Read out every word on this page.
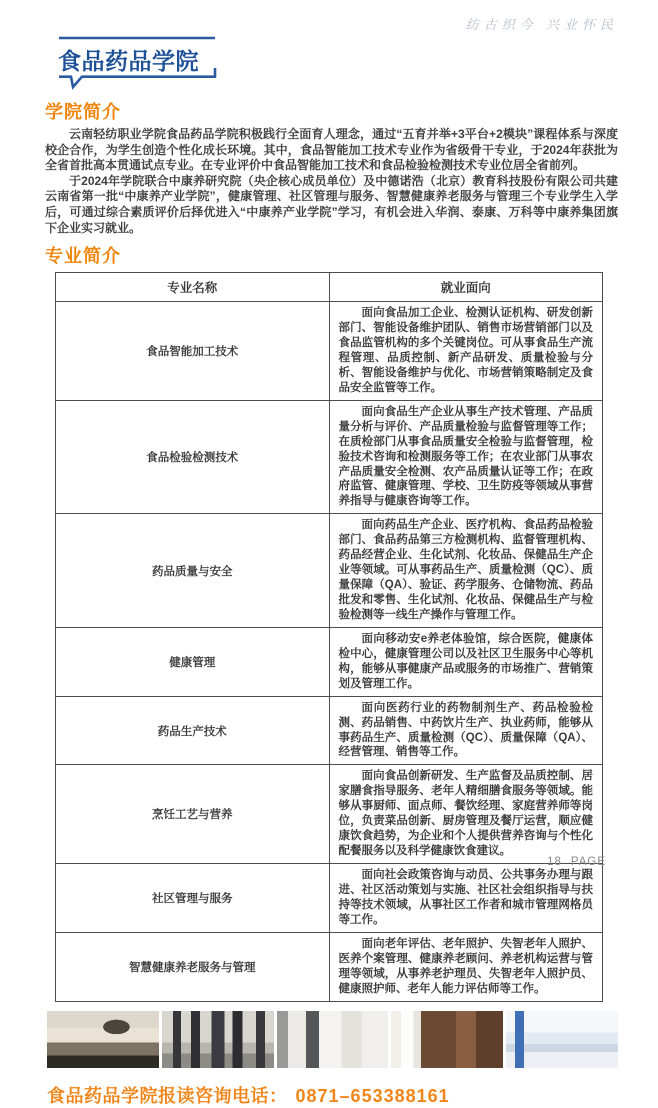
纺古织今 兴业怀民
食品药品学院
学院简介

云南轻纺职业学院食品药品学院积极践行全面育人理念，通过“五育并举+3平台+2模块”课程体系与深度校企合作，为学生创造个性化成长环境。其中，食品智能加工技术专业作为省级骨干专业，于2024年获批为全省首批高本贯通试点专业。在专业评价中食品智能加工技术和食品检验检测技术专业位居全省前列。

于2024年学院联合中康养研究院（央企核心成员单位）及中德诺浩（北京）教育科技股份有限公司共建云南省第一批“中康养产业学院”，健康管理、社区管理与服务、智慧健康养老服务与管理三个专业学生入学后，可通过综合素质评价后择优进入“中康养产业学院”学习，有机会进入华润、泰康、万科等中康养集团旗下企业实习就业。

专业简介
专业名称	就业面向
食品智能加工技术	面向食品加工企业、检测认证机构、研发创新部门、智能设备维护团队、销售市场营销部门以及食品监管机构的多个关键岗位。可从事食品生产流程管理、品质控制、新产品研发、质量检验与分析、智能设备维护与优化、市场营销策略制定及食品安全监管等工作。
食品检验检测技术	面向食品生产企业从事生产技术管理、产品质量分析与评价、产品质量检验与监督管理等工作；在质检部门从事食品质量安全检验与监督管理，检验技术咨询和检测服务等工作；在农业部门从事农产品质量安全检测、农产品质量认证等工作；在政府监管、健康管理、学校、卫生防疫等领域从事营养指导与健康咨询等工作。
药品质量与安全	面向药品生产企业、医疗机构、食品药品检验部门、食品药品第三方检测机构、监督管理机构、药品经营企业、生化试剂、化妆品、保健品生产企业等领域。可从事药品生产、质量检测（QC）、质量保障（QA）、验证、药学服务、仓储物流、药品批发和零售、生化试剂、化妆品、保健品生产与检验检测等一线生产操作与管理工作。
健康管理	面向移动安e养老体验馆，综合医院，健康体检中心，健康管理公司以及社区卫生服务中心等机构，能够从事健康产品或服务的市场推广、营销策划及管理工作。
药品生产技术	面向医药行业的药物制剂生产、药品检验检测、药品销售、中药饮片生产、执业药师，能够从事药品生产、质量检测（QC）、质量保障（QA）、经营管理、销售等工作。
烹饪工艺与营养	面向食品创新研发、生产监督及品质控制、居家膳食指导服务、老年人精细膳食服务等领域。能够从事厨师、面点师、餐饮经理、家庭营养师等岗位，负责菜品创新、厨房管理及餐厅运营，顺应健康饮食趋势，为企业和个人提供营养咨询与个性化配餐服务以及科学健康饮食建议。
社区管理与服务	面向社会政策咨询与动员、公共事务办理与跟进、社区活动策划与实施、社区社会组织指导与扶持等技术领域，从事社区工作者和城市管理网格员等工作。
智慧健康养老服务与管理	面向老年评估、老年照护、失智老年人照护、医养个案管理、健康养老顾问、养老机构运营与管理等领域，从事养老护理员、失智老年人照护员、健康照护师、老年人能力评估师等工作。
食品药品学院报读咨询电话： 0871–653388161
18 PAGE
